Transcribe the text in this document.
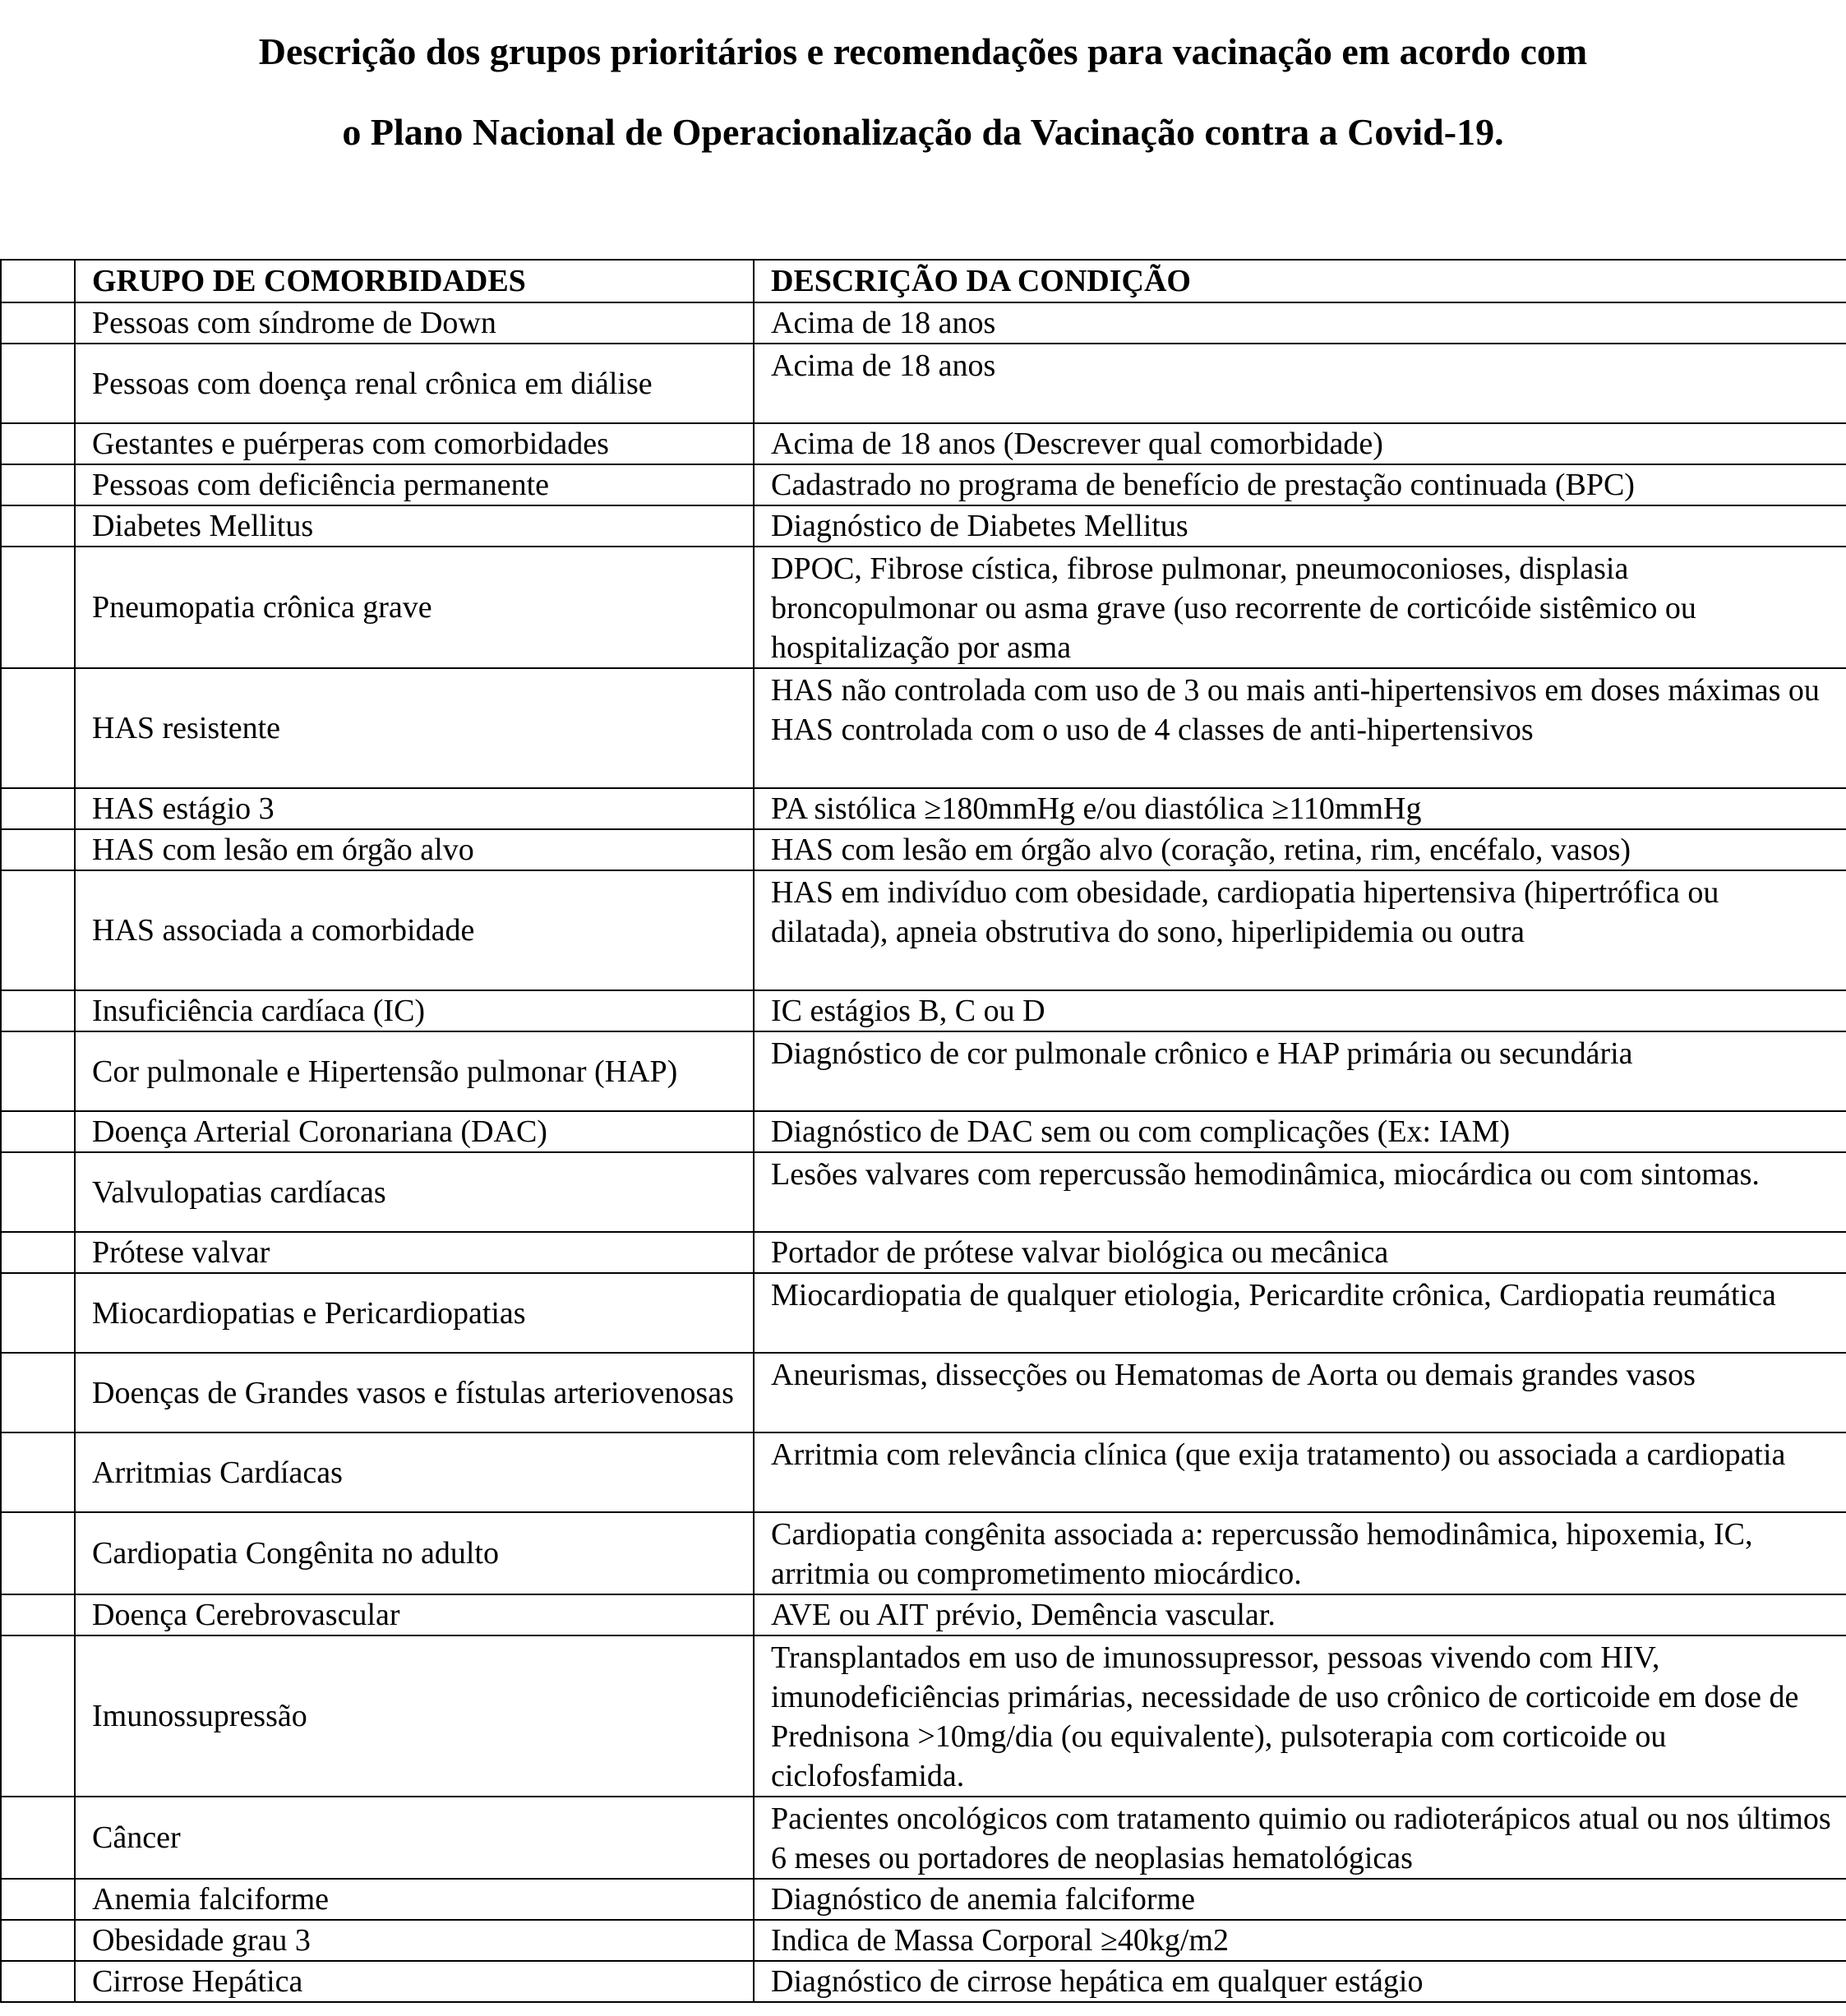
Descrição dos grupos prioritários e recomendações para vacinação em acordo com
o Plano Nacional de Operacionalização da Vacinação contra a Covid-19.
	GRUPO DE COMORBIDADES	DESCRIÇÃO DA CONDIÇÃO
	Pessoas com síndrome de Down	Acima de 18 anos
	Pessoas com doença renal crônica em diálise	Acima de 18 anos
	Gestantes e puérperas com comorbidades	Acima de 18 anos (Descrever qual comorbidade)
	Pessoas com deficiência permanente	Cadastrado no programa de benefício de prestação continuada (BPC)
	Diabetes Mellitus	Diagnóstico de Diabetes Mellitus
	Pneumopatia crônica grave	DPOC, Fibrose cística, fibrose pulmonar, pneumoconioses, displasia broncopulmonar ou asma grave (uso recorrente de corticóide sistêmico ou hospitalização por asma
	HAS resistente	HAS não controlada com uso de 3 ou mais anti-hipertensivos em doses máximas ou HAS controlada com o uso de 4 classes de anti-hipertensivos
	HAS estágio 3	PA sistólica ≥180mmHg e/ou diastólica ≥110mmHg
	HAS com lesão em órgão alvo	HAS com lesão em órgão alvo (coração, retina, rim, encéfalo, vasos)
	HAS associada a comorbidade	HAS em indivíduo com obesidade, cardiopatia hipertensiva (hipertrófica ou dilatada), apneia obstrutiva do sono, hiperlipidemia ou outra
	Insuficiência cardíaca (IC)	IC estágios B, C ou D
	Cor pulmonale e Hipertensão pulmonar (HAP)	Diagnóstico de cor pulmonale crônico e HAP primária ou secundária
	Doença Arterial Coronariana (DAC)	Diagnóstico de DAC sem ou com complicações (Ex: IAM)
	Valvulopatias cardíacas	Lesões valvares com repercussão hemodinâmica, miocárdica ou com sintomas.
	Prótese valvar	Portador de prótese valvar biológica ou mecânica
	Miocardiopatias e Pericardiopatias	Miocardiopatia de qualquer etiologia, Pericardite crônica, Cardiopatia reumática
	Doenças de Grandes vasos e fístulas arteriovenosas	Aneurismas, dissecções ou Hematomas de Aorta ou demais grandes vasos
	Arritmias Cardíacas	Arritmia com relevância clínica (que exija tratamento) ou associada a cardiopatia
	Cardiopatia Congênita no adulto	Cardiopatia congênita associada a: repercussão hemodinâmica, hipoxemia, IC, arritmia ou comprometimento miocárdico.
	Doença Cerebrovascular	AVE ou AIT prévio, Demência vascular.
	Imunossupressão	Transplantados em uso de imunossupressor, pessoas vivendo com HIV, imunodeficiências primárias, necessidade de uso crônico de corticoide em dose de Prednisona >10mg/dia (ou equivalente), pulsoterapia com corticoide ou ciclofosfamida.
	Câncer	Pacientes oncológicos com tratamento quimio ou radioterápicos atual ou nos últimos 6 meses ou portadores de neoplasias hematológicas
	Anemia falciforme	Diagnóstico de anemia falciforme
	Obesidade grau 3	Indica de Massa Corporal ≥40kg/m2
	Cirrose Hepática	Diagnóstico de cirrose hepática em qualquer estágio
